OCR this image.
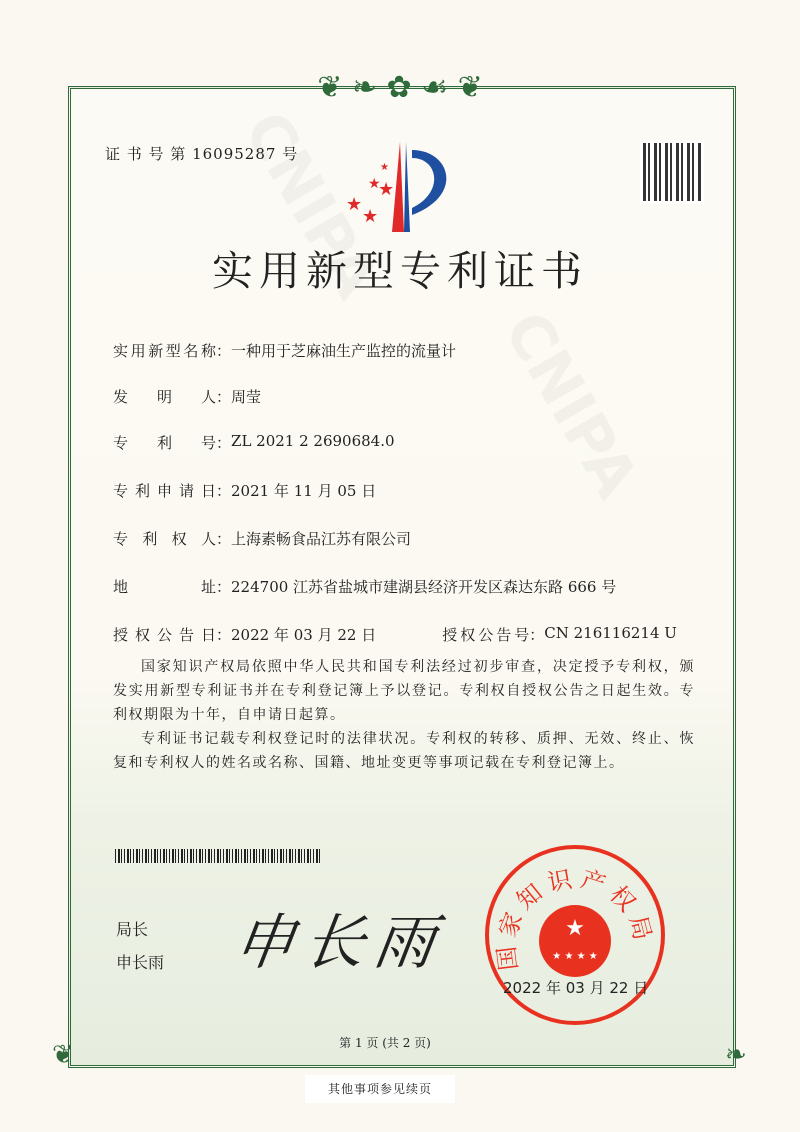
❦ ❧ ✿ ☙ ❦
❦	❧
证 书 号 第 16095287 号
★
★
★
★
★
实用新型专利证书
实用新型名称 ： 一种用于芝麻油生产监控的流量计
发明人 ： 周莹
专利号 ： ZL 2021 2 2690684.0
专利申请日 ： 2021 年 11 月 05 日
专利权人 ： 上海素畅食品江苏有限公司
地址 ： 224700 江苏省盐城市建湖县经济开发区森达东路 666 号
授权公告日 ： 2022 年 03 月 22 日	授权公告号 ： CN 216116214 U

国家知识产权局依照中华人民共和国专利法经过初步审查，决定授予专利权，颁发实用新型专利证书并在专利登记簿上予以登记。专利权自授权公告之日起生效。专利权期限为十年，自申请日起算。

专利证书记载专利权登记时的法律状况。专利权的转移、质押、无效、终止、恢复和专利权人的姓名或名称、国籍、地址变更等事项记载在专利登记簿上。

局长
申长雨 申长雨 国家知识产权局
★
★ ★ ★ ★
2022 年 03 月 22 日
第 1 页 (共 2 页)
其他事项参见续页
